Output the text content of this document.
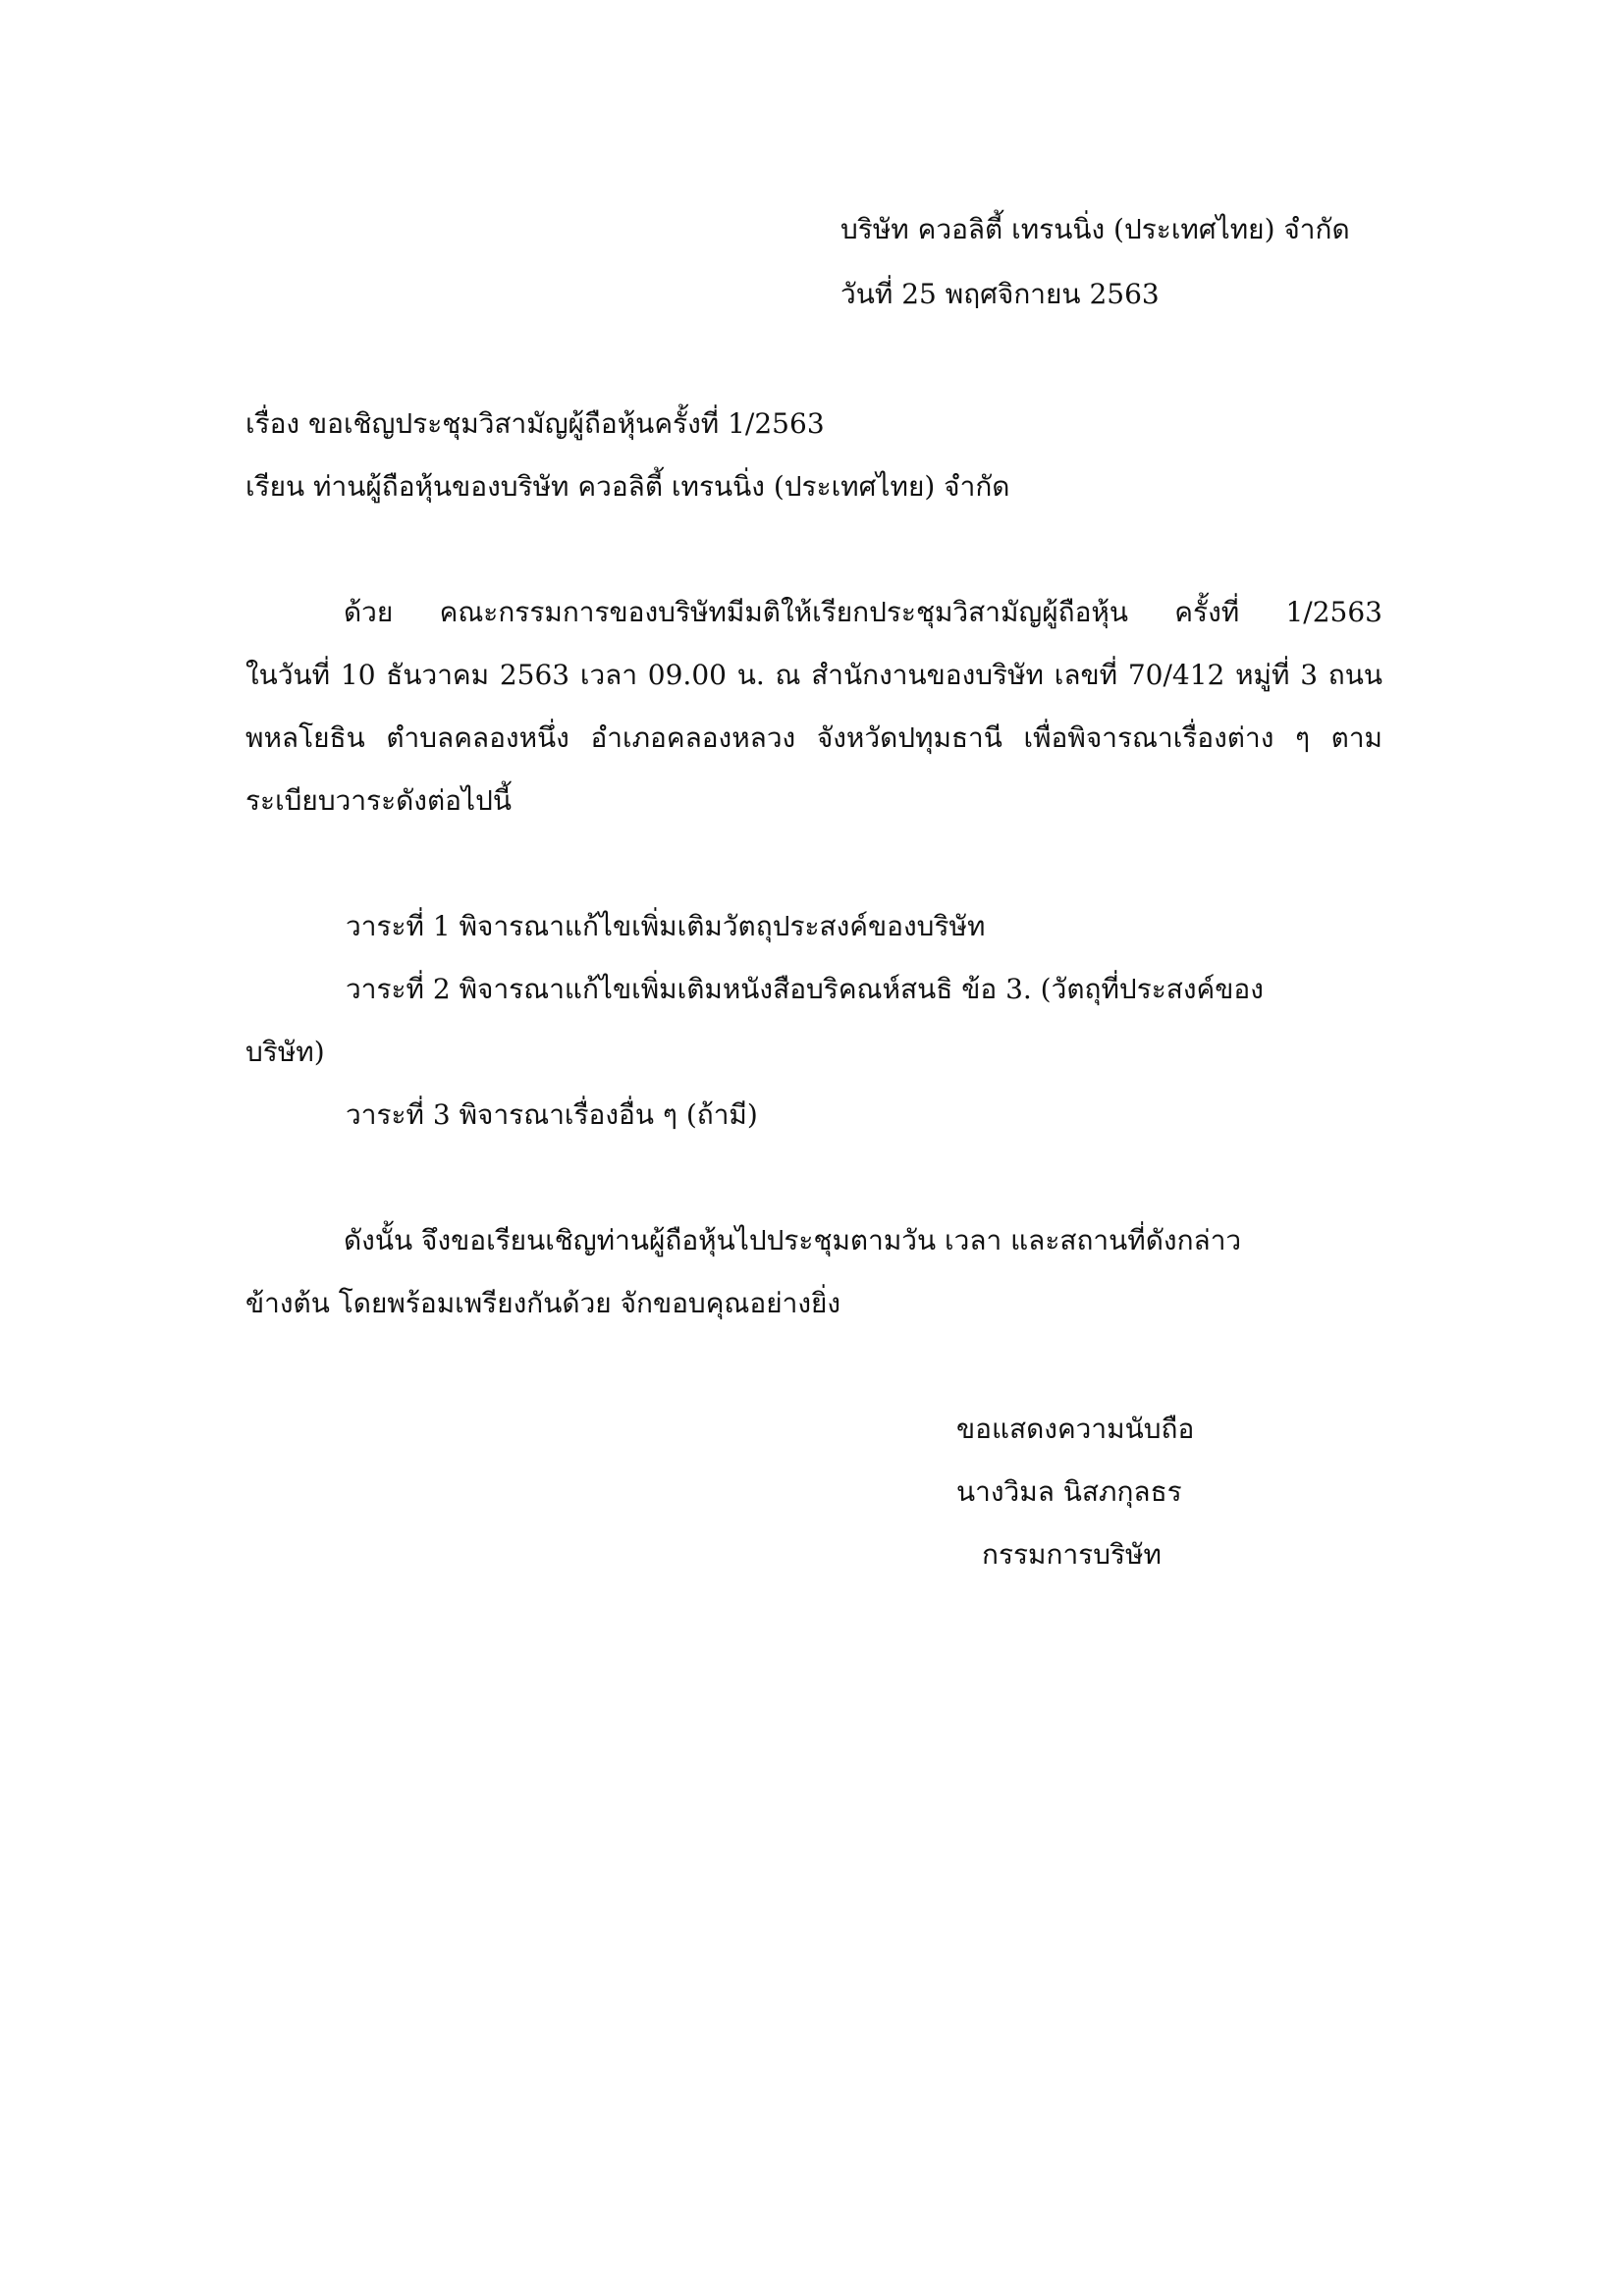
บริษัท ควอลิตี้ เทรนนิ่ง (ประเทศไทย) จำกัด
วันที่ 25 พฤศจิกายน 2563
เรื่อง ขอเชิญประชุมวิสามัญผู้ถือหุ้นครั้งที่ 1/2563
เรียน ท่านผู้ถือหุ้นของบริษัท ควอลิตี้ เทรนนิ่ง (ประเทศไทย) จำกัด
ด้วย คณะกรรมการของบริษัทมีมติให้เรียกประชุมวิสามัญผู้ถือหุ้น ครั้งที่ 1/2563
ในวันที่ 10 ธันวาคม 2563 เวลา 09.00 น. ณ สำนักงานของบริษัท เลขที่ 70/412 หมู่ที่ 3 ถนน
พหลโยธิน ตำบลคลองหนึ่ง อำเภอคลองหลวง จังหวัดปทุมธานี เพื่อพิจารณาเรื่องต่าง ๆ ตาม
ระเบียบวาระดังต่อไปนี้
วาระที่ 1 พิจารณาแก้ไขเพิ่มเติมวัตถุประสงค์ของบริษัท
วาระที่ 2 พิจารณาแก้ไขเพิ่มเติมหนังสือบริคณห์สนธิ ข้อ 3. (วัตถุที่ประสงค์ของ
บริษัท)
วาระที่ 3 พิจารณาเรื่องอื่น ๆ (ถ้ามี)
ดังนั้น จึงขอเรียนเชิญท่านผู้ถือหุ้นไปประชุมตามวัน เวลา และสถานที่ดังกล่าว
ข้างต้น โดยพร้อมเพรียงกันด้วย จักขอบคุณอย่างยิ่ง
ขอแสดงความนับถือ
นางวิมล นิสภกุลธร
กรรมการบริษัท
